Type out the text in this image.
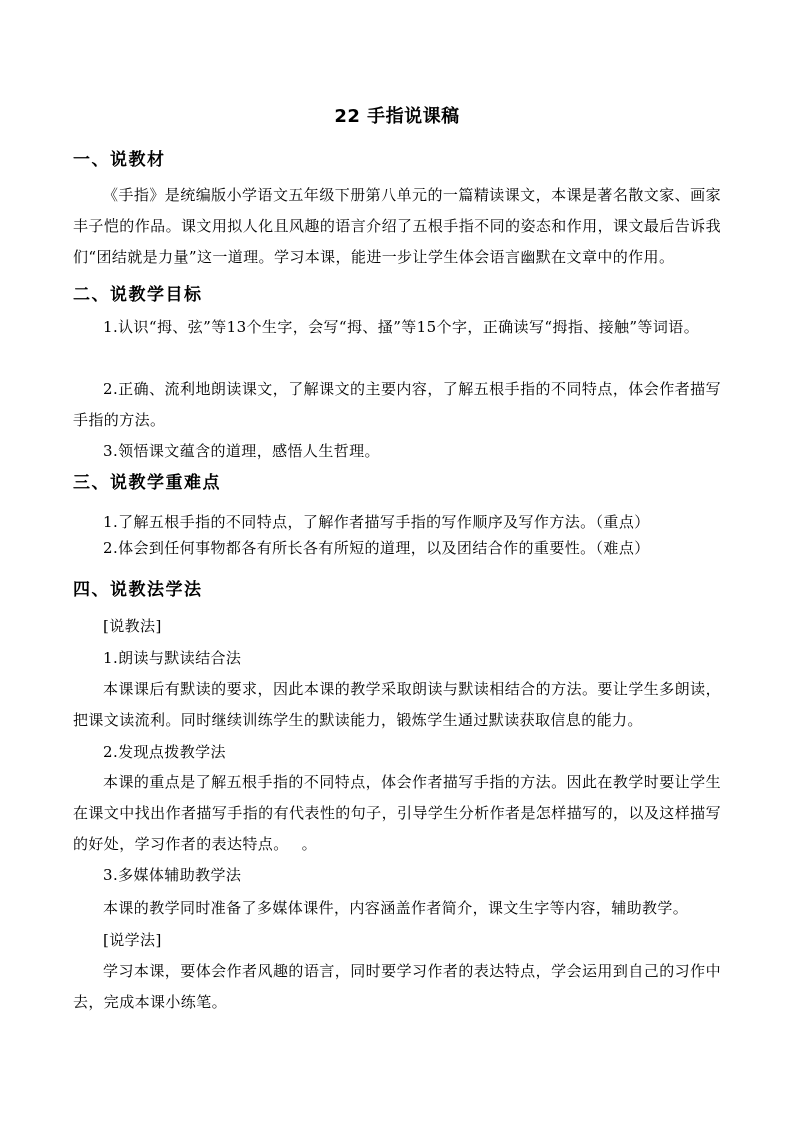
22 手指说课稿
一、说教材
《手指》是统编版小学语文五年级下册第八单元的一篇精读课文，本课是著名散文家、画家丰子恺的作品。课文用拟人化且风趣的语言介绍了五根手指不同的姿态和作用，课文最后告诉我们“团结就是力量”这一道理。学习本课，能进一步让学生体会语言幽默在文章中的作用。
二、说教学目标
1.认识“拇、弦”等13个生字，会写“拇、搔”等15个字，正确读写“拇指、接触”等词语。
2.正确、流利地朗读课文，了解课文的主要内容，了解五根手指的不同特点，体会作者描写手指的方法。
3.领悟课文蕴含的道理，感悟人生哲理。
三、说教学重难点
1.了解五根手指的不同特点，了解作者描写手指的写作顺序及写作方法。（重点）
2.体会到任何事物都各有所长各有所短的道理，以及团结合作的重要性。（难点）
四、说教法学法
[说教法]
1.朗读与默读结合法
本课课后有默读的要求，因此本课的教学采取朗读与默读相结合的方法。要让学生多朗读，把课文读流利。同时继续训练学生的默读能力，锻炼学生通过默读获取信息的能力。
2.发现点拨教学法
本课的重点是了解五根手指的不同特点，体会作者描写手指的方法。因此在教学时要让学生在课文中找出作者描写手指的有代表性的句子，引导学生分析作者是怎样描写的，以及这样描写的好处，学习作者的表达特点。　 。
3.多媒体辅助教学法
本课的教学同时准备了多媒体课件，内容涵盖作者简介，课文生字等内容，辅助教学。
[说学法]
学习本课，要体会作者风趣的语言，同时要学习作者的表达特点，学会运用到自己的习作中去，完成本课小练笔。
